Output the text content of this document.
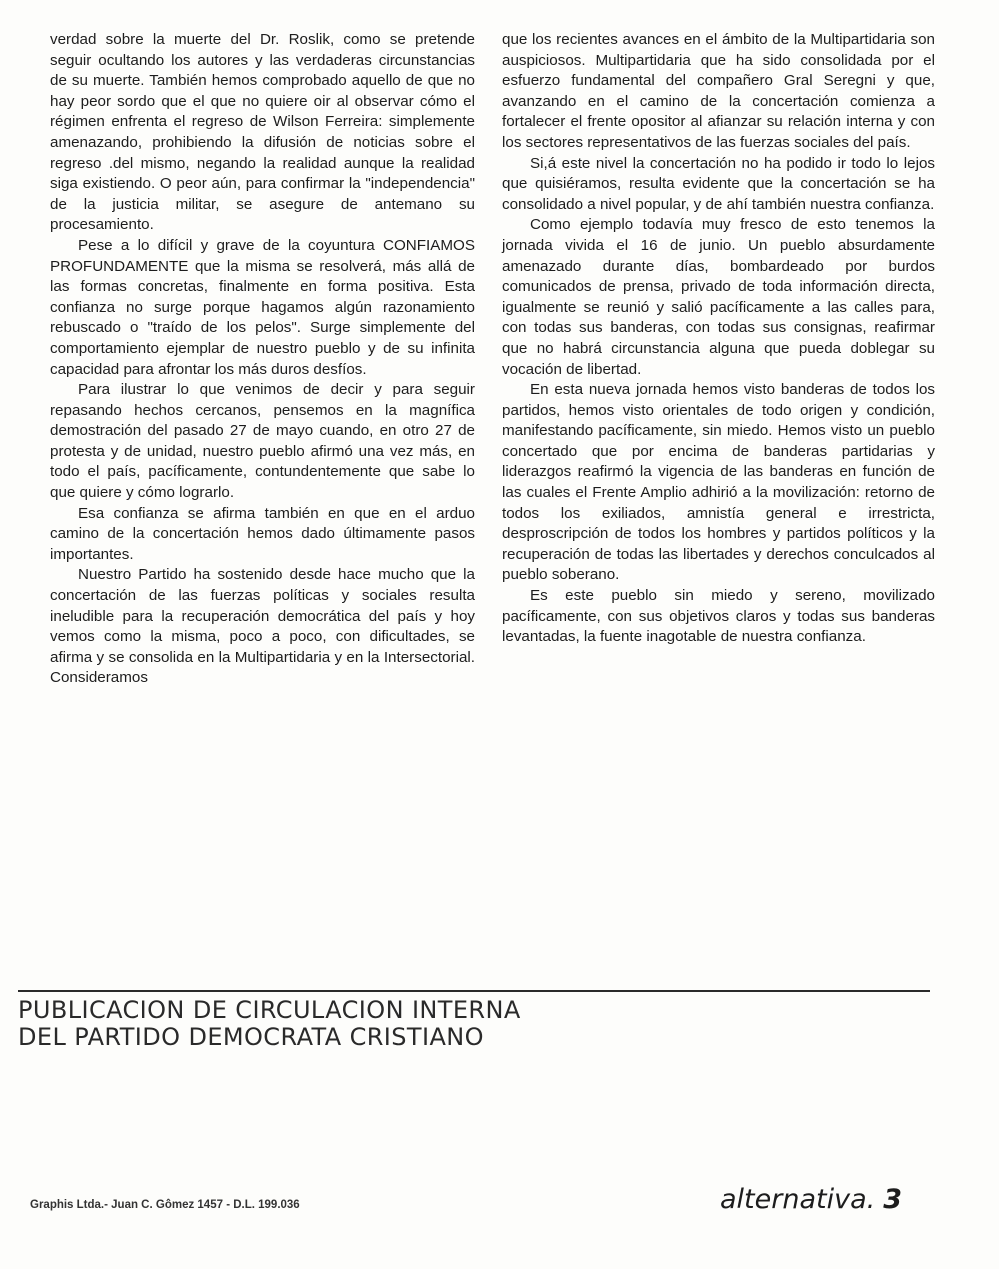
verdad sobre la muerte del Dr. Roslik, como se pretende seguir ocultando los autores y las verdaderas circunstancias de su muerte. También hemos comprobado aquello de que no hay peor sordo que el que no quiere oir al observar cómo el régimen enfrenta el regreso de Wilson Ferreira: simplemente amenazando, prohibiendo la difusión de noticias sobre el regreso .del mismo, negando la realidad aunque la realidad siga existiendo. O peor aún, para confirmar la "independencia" de la justicia militar, se asegure de antemano su procesamiento.

Pese a lo difícil y grave de la coyuntura CONFIAMOS PROFUNDAMENTE que la misma se resolverá, más allá de las formas concretas, finalmente en forma positiva. Esta confianza no surge porque hagamos algún razonamiento rebuscado o "traído de los pelos". Surge simplemente del comportamiento ejemplar de nuestro pueblo y de su infinita capacidad para afrontar los más duros desfíos.

Para ilustrar lo que venimos de decir y para seguir repasando hechos cercanos, pensemos en la magnífica demostración del pasado 27 de mayo cuando, en otro 27 de protesta y de unidad, nuestro pueblo afirmó una vez más, en todo el país, pacíficamente, contundentemente que sabe lo que quiere y cómo lograrlo.

Esa confianza se afirma también en que en el arduo camino de la concertación hemos dado últimamente pasos importantes.

Nuestro Partido ha sostenido desde hace mucho que la concertación de las fuerzas políticas y sociales resulta ineludible para la recuperación democrática del país y hoy vemos como la misma, poco a poco, con dificultades, se afirma y se consolida en la Multipartidaria y en la Intersectorial. Consideramos

que los recientes avances en el ámbito de la Multipartidaria son auspiciosos. Multipartidaria que ha sido consolidada por el esfuerzo fundamental del compañero Gral Seregni y que, avanzando en el camino de la concertación comienza a fortalecer el frente opositor al afianzar su relación interna y con los sectores representativos de las fuerzas sociales del país.

Si,á este nivel la concertación no ha podido ir todo lo lejos que quisiéramos, resulta evidente que la concertación se ha consolidado a nivel popular, y de ahí también nuestra confianza.

Como ejemplo todavía muy fresco de esto tenemos la jornada vivida el 16 de junio. Un pueblo absurdamente amenazado durante días, bombardeado por burdos comunicados de prensa, privado de toda información directa, igualmente se reunió y salió pacíficamente a las calles para, con todas sus banderas, con todas sus consignas, reafirmar que no habrá circunstancia alguna que pueda doblegar su vocación de libertad.

En esta nueva jornada hemos visto banderas de todos los partidos, hemos visto orientales de todo origen y condición, manifestando pacíficamente, sin miedo. Hemos visto un pueblo concertado que por encima de banderas partidarias y liderazgos reafirmó la vigencia de las banderas en función de las cuales el Frente Amplio adhirió a la movilización: retorno de todos los exiliados, amnistía general e irrestricta, desproscripción de todos los hombres y partidos políticos y la recuperación de todas las libertades y derechos conculcados al pueblo soberano.

Es este pueblo sin miedo y sereno, movilizado pacíficamente, con sus objetivos claros y todas sus banderas levantadas, la fuente inagotable de nuestra confianza.

PUBLICACION DE CIRCULACION INTERNA
DEL PARTIDO DEMOCRATA CRISTIANO
Graphis Ltda.- Juan C. Gômez 1457 - D.L. 199.036	alternativa. 3
